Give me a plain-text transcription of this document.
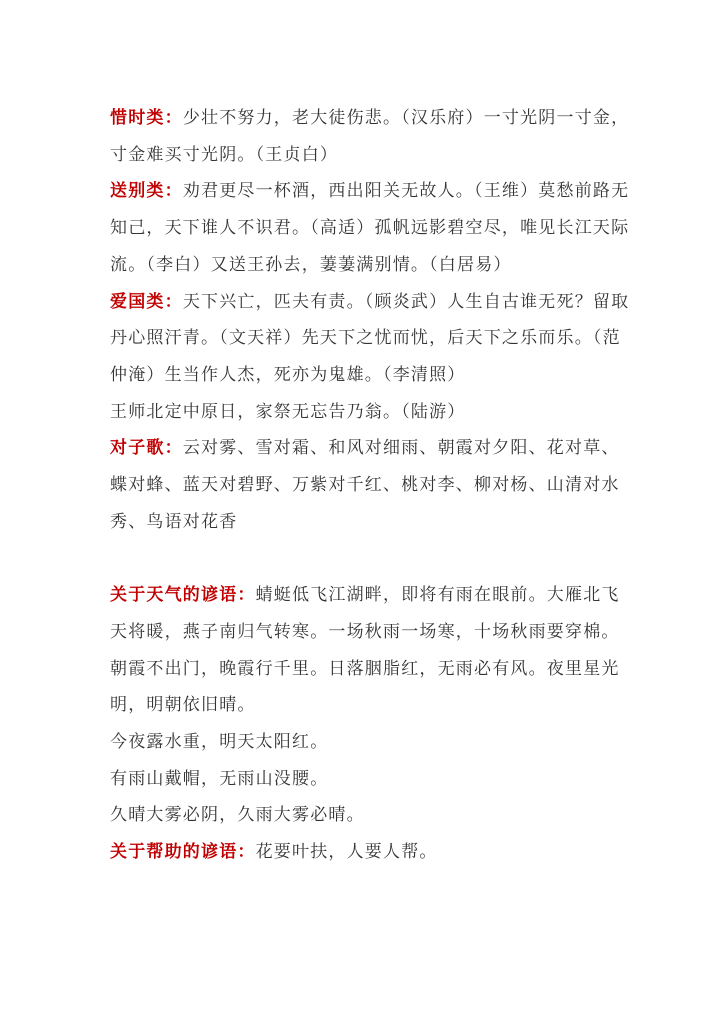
惜时类：少壮不努力，老大徒伤悲。（汉乐府）一寸光阴一寸金，寸金难买寸光阴。（王贞白）

送别类：劝君更尽一杯酒，西出阳关无故人。（王维）莫愁前路无知己，天下谁人不识君。（高适）孤帆远影碧空尽，唯见长江天际流。（李白）又送王孙去，萋萋满别情。（白居易）

爱国类：天下兴亡，匹夫有责。（顾炎武）人生自古谁无死？留取丹心照汗青。（文天祥）先天下之忧而忧，后天下之乐而乐。（范仲淹）生当作人杰，死亦为鬼雄。（李清照）

王师北定中原日，家祭无忘告乃翁。（陆游）

对子歌：云对雾、雪对霜、和风对细雨、朝霞对夕阳、花对草、蝶对蜂、蓝天对碧野、万紫对千红、桃对李、柳对杨、山清对水秀、鸟语对花香

关于天气的谚语：蜻蜓低飞江湖畔，即将有雨在眼前。大雁北飞天将暖，燕子南归气转寒。一场秋雨一场寒，十场秋雨要穿棉。朝霞不出门，晚霞行千里。日落胭脂红，无雨必有风。夜里星光明，明朝依旧晴。

今夜露水重，明天太阳红。

有雨山戴帽，无雨山没腰。

久晴大雾必阴，久雨大雾必晴。

关于帮助的谚语：花要叶扶，人要人帮。
